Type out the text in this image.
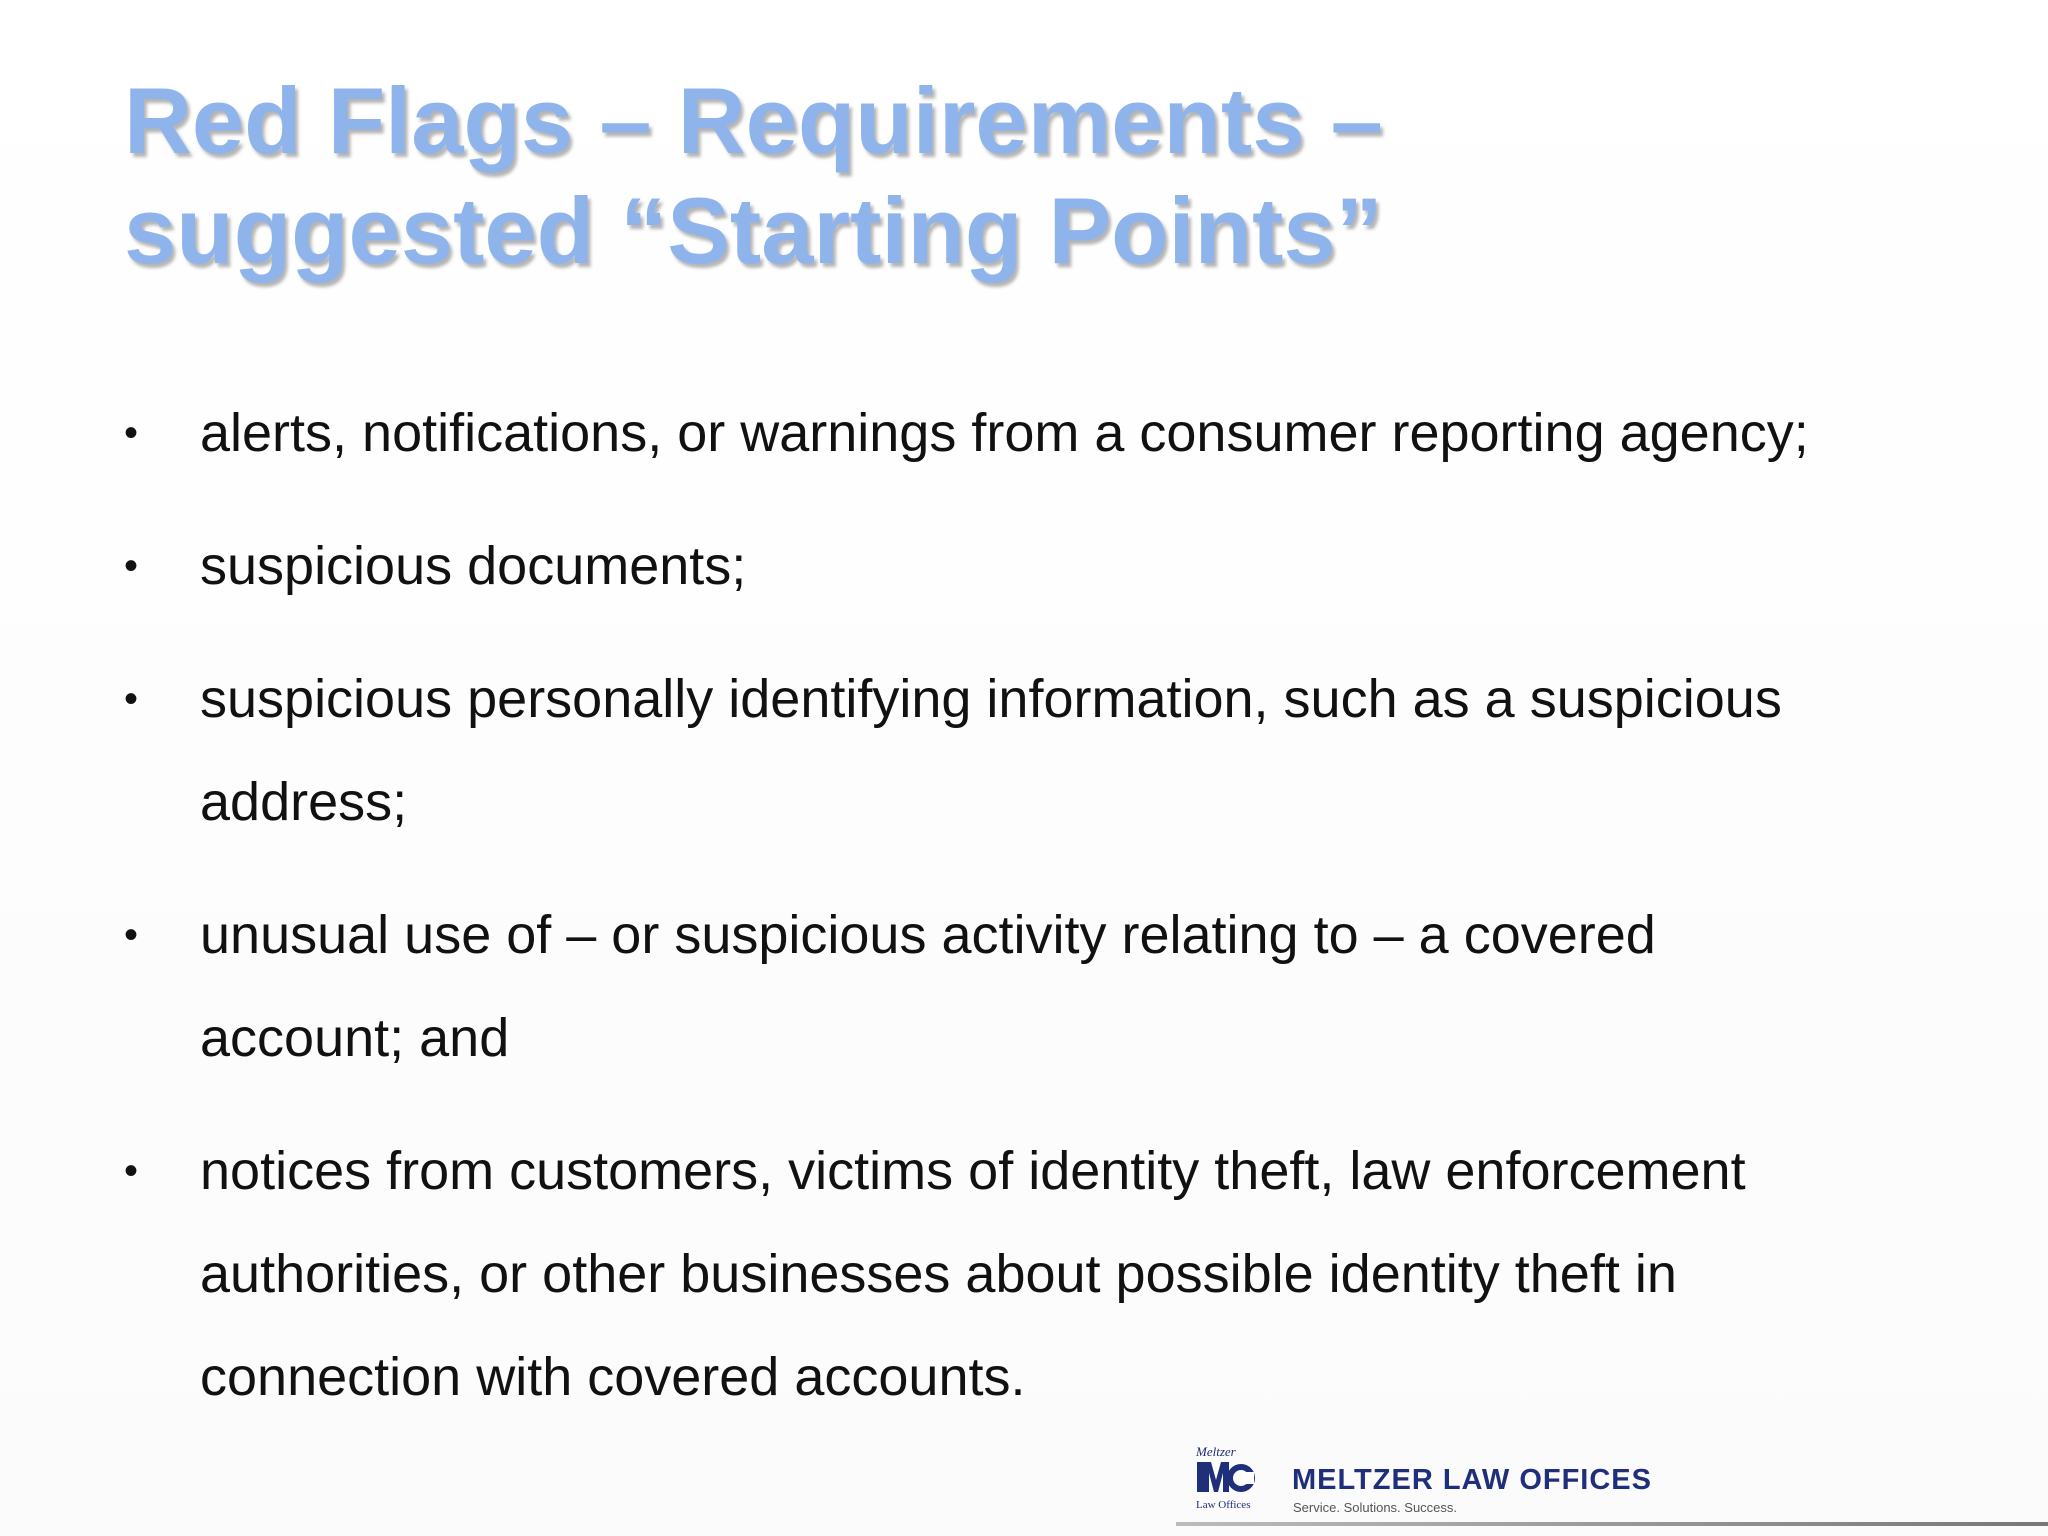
Red Flags – Requirements –
suggested “Starting Points”
•	alerts, notifications, or warnings from a consumer reporting agency;
•	suspicious documents;
•	suspicious personally identifying information, such as a suspicious
address;
•	unusual use of – or suspicious activity relating to – a covered
account; and
•	notices from customers, victims of identity theft, law enforcement
authorities, or other businesses about possible identity theft in
connection with covered accounts.
Meltzer
Law Offices
MELTZER LAW OFFICES
Service. Solutions. Success.
